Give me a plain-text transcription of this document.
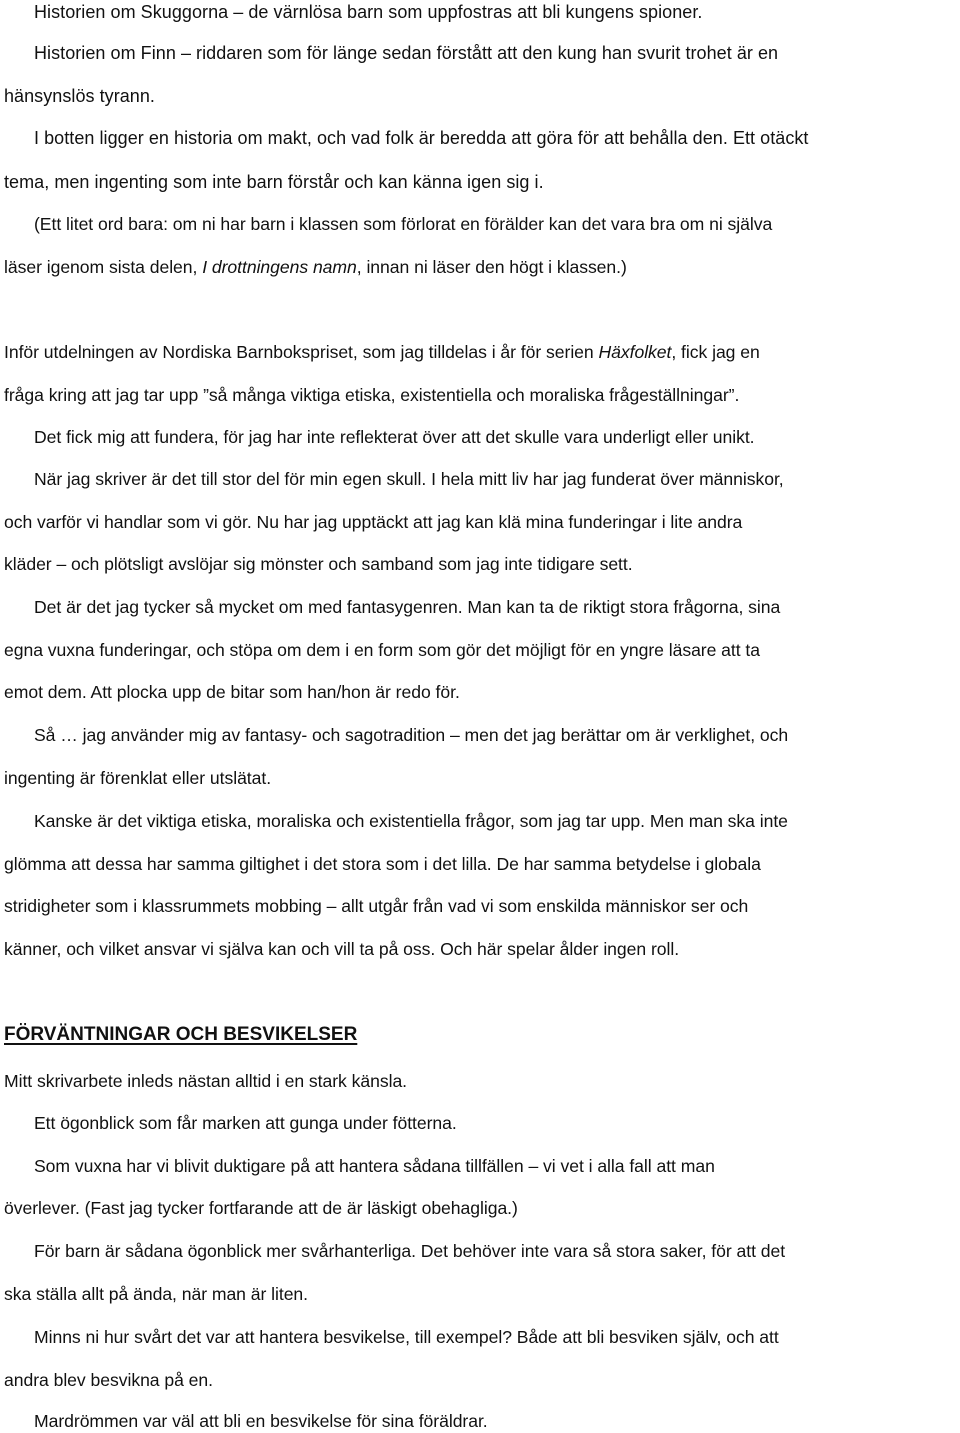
Historien om Skuggorna – de värnlösa barn som uppfostras att bli kungens spioner.
Historien om Finn – riddaren som för länge sedan förstått att den kung han svurit trohet är en
hänsynslös tyrann.
I botten ligger en historia om makt, och vad folk är beredda att göra för att behålla den. Ett otäckt
tema, men ingenting som inte barn förstår och kan känna igen sig i.
(Ett litet ord bara: om ni har barn i klassen som förlorat en förälder kan det vara bra om ni själva
läser igenom sista delen, I drottningens namn, innan ni läser den högt i klassen.)
Inför utdelningen av Nordiska Barnbokspriset, som jag tilldelas i år för serien Häxfolket, fick jag en
fråga kring att jag tar upp ”så många viktiga etiska, existentiella och moraliska frågeställningar”.
Det fick mig att fundera, för jag har inte reflekterat över att det skulle vara underligt eller unikt.
När jag skriver är det till stor del för min egen skull. I hela mitt liv har jag funderat över människor,
och varför vi handlar som vi gör. Nu har jag upptäckt att jag kan klä mina funderingar i lite andra
kläder – och plötsligt avslöjar sig mönster och samband som jag inte tidigare sett.
Det är det jag tycker så mycket om med fantasygenren. Man kan ta de riktigt stora frågorna, sina
egna vuxna funderingar, och stöpa om dem i en form som gör det möjligt för en yngre läsare att ta
emot dem. Att plocka upp de bitar som han/hon är redo för.
Så … jag använder mig av fantasy- och sagotradition – men det jag berättar om är verklighet, och
ingenting är förenklat eller utslätat.
Kanske är det viktiga etiska, moraliska och existentiella frågor, som jag tar upp. Men man ska inte
glömma att dessa har samma giltighet i det stora som i det lilla. De har samma betydelse i globala
stridigheter som i klassrummets mobbing – allt utgår från vad vi som enskilda människor ser och
känner, och vilket ansvar vi själva kan och vill ta på oss. Och här spelar ålder ingen roll.
FÖRVÄNTNINGAR OCH BESVIKELSER
Mitt skrivarbete inleds nästan alltid i en stark känsla.
Ett ögonblick som får marken att gunga under fötterna.
Som vuxna har vi blivit duktigare på att hantera sådana tillfällen – vi vet i alla fall att man
överlever. (Fast jag tycker fortfarande att de är läskigt obehagliga.)
För barn är sådana ögonblick mer svårhanterliga. Det behöver inte vara så stora saker, för att det
ska ställa allt på ända, när man är liten.
Minns ni hur svårt det var att hantera besvikelse, till exempel? Både att bli besviken själv, och att
andra blev besvikna på en.
Mardrömmen var väl att bli en besvikelse för sina föräldrar.
